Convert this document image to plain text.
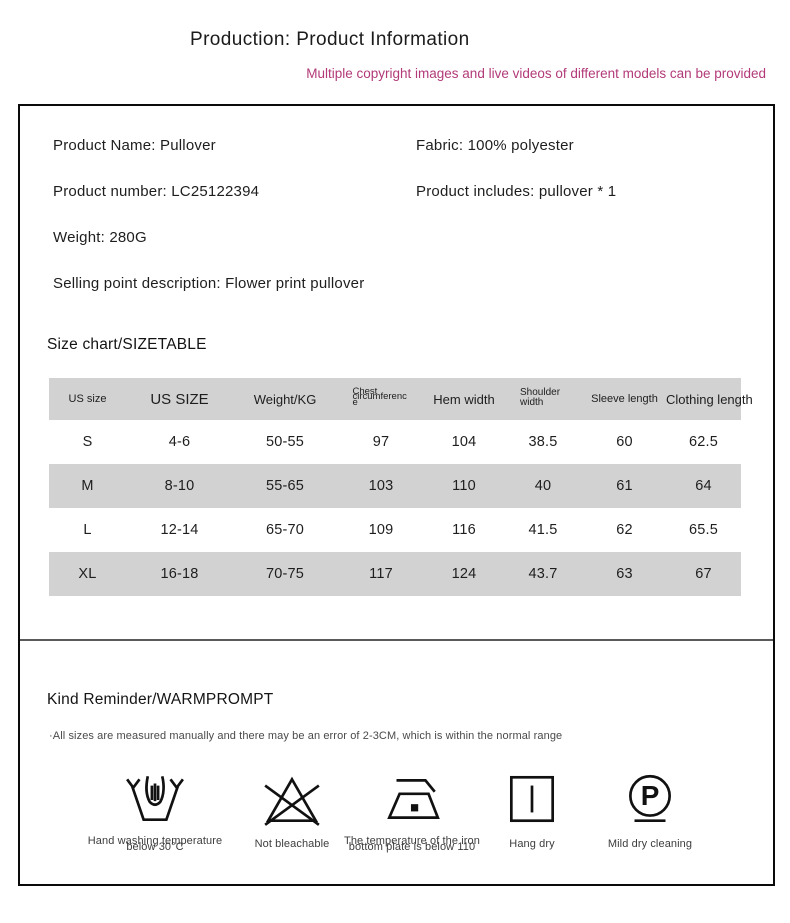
Production: Product Information
Multiple copyright images and live videos of different models can be provided
Product Name: Pullover	Fabric: 100% polyester
Product number: LC25122394	Product includes: pullover * 1
Weight: 280G
Selling point description: Flower print pullover
Size chart/SIZETABLE
US size	US SIZE	Weight/KG	Chest circumference	Hem width	Shoulder width	Sleeve length	Clothing length
S	4-6	50-55	97	104	38.5	60	62.5
M	8-10	55-65	103	110	40	61	64
L	12-14	65-70	109	116	41.5	62	65.5
XL	16-18	70-75	117	124	43.7	63	67
Kind Reminder/WARMPROMPT
·All sizes are measured manually and there may be an error of 2-3CM, which is within the normal range
Hand washing temperature below 30°C	Not bleachable	The temperature of the iron bottom plate is below 110	Hang dry
P
Mild dry cleaning
